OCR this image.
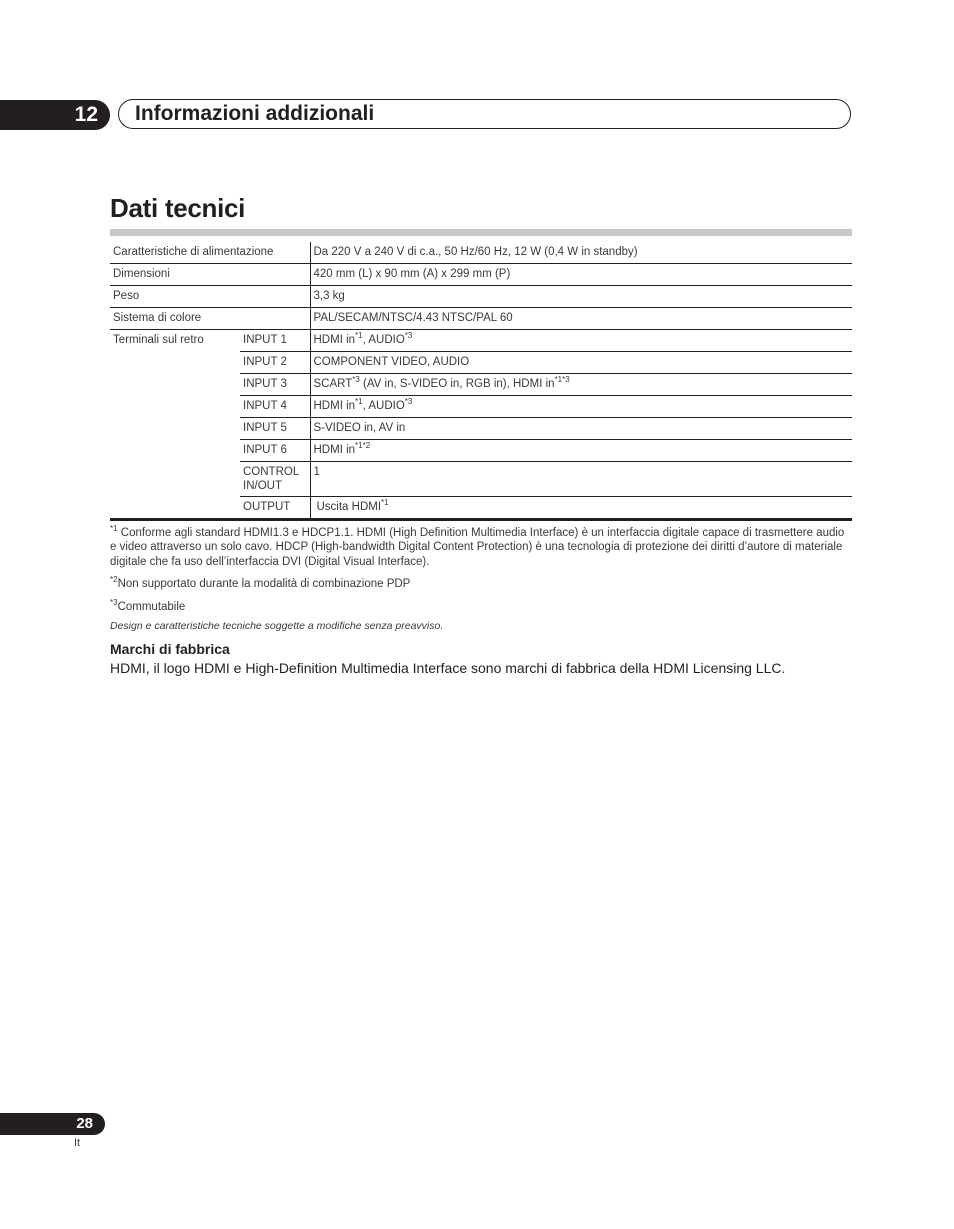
12 Informazioni addizionali
Dati tecnici
Caratteristiche di alimentazione		Da 220 V a 240 V di c.a., 50 Hz/60 Hz, 12 W (0,4 W in standby)
Dimensioni		420 mm (L) x 90 mm (A) x 299 mm (P)
Peso		3,3 kg
Sistema di colore		PAL/SECAM/NTSC/4.43 NTSC/PAL 60
Terminali sul retro	INPUT 1	HDMI $in^{*1}$, AUDIO$^{*3}$
	INPUT 2	COMPONENT VIDEO, AUDIO
	INPUT 3	SCART$^{*3}$ (AV in, S-VIDEO in, RGB in), HDMI $in^{*1*3}$
	INPUT 4	HDMI $in^{*1}$, AUDIO$^{*3}$
	INPUT 5	S-VIDEO in, AV in
	INPUT 6	HDMI $in^{*1*2}$
	CONTROL IN/OUT	1
	OUTPUT	Uscita HDMI$^{*1}$

$^{*1}$ Conforme agli standard HDMI1.3 e HDCP1.1. HDMI (High Definition Multimedia Interface) è un interfaccia digitale capace di trasmettere audio e video attraverso un solo cavo. HDCP (High-bandwidth Digital Content Protection) è una tecnologia di protezione dei diritti d’autore di materiale digitale che fa uso dell’interfaccia DVI (Digital Visual Interface).

$^{*2}$Non supportato durante la modalità di combinazione PDP

$^{*3}$Commutabile

Design e caratteristiche tecniche soggette a modifiche senza preavviso.
Marchi di fabbrica
HDMI, il logo HDMI e High-Definition Multimedia Interface sono marchi di fabbrica della HDMI Licensing LLC.
28
It
